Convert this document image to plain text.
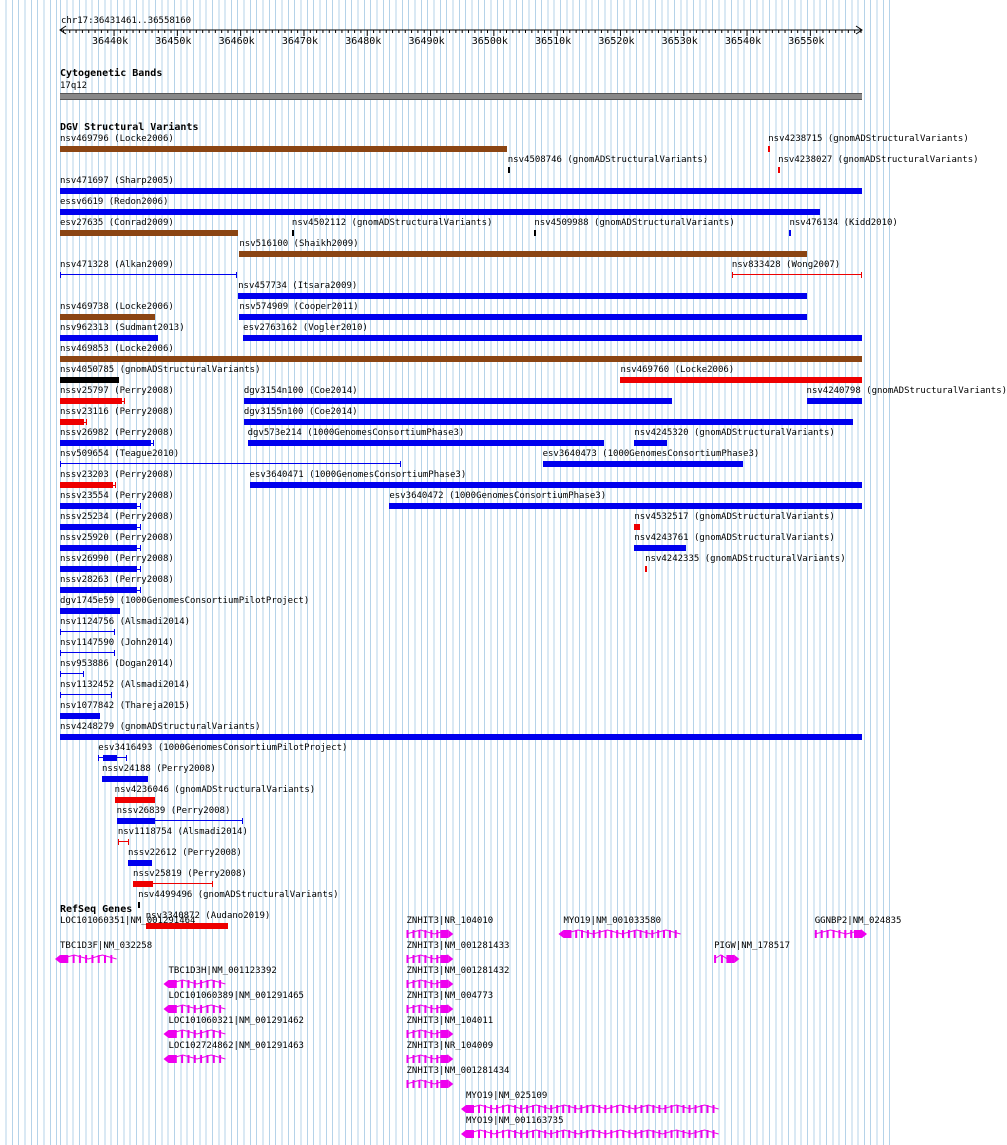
chr17:36431461..36558160
36440k	36450k	36460k	36470k	36480k	36490k	36500k	36510k	36520k	36530k	36540k	36550k
Cytogenetic Bands
17q12
DGV Structural Variants
nsv469796 (Locke2006)
nsv4508746 (gnomADStructuralVariants)
nsv4238715 (gnomADStructuralVariants)
nsv471697 (Sharp2005)
essv6619 (Redon2006)
esv27635 (Conrad2009)
nsv516100 (Shaikh2009)
nsv471328 (Alkan2009)
nsv457734 (Itsara2009)
nsv469738 (Locke2006)	nsv574909 (Cooper2011)
nsv962313 (Sudmant2013)	esv2763162 (Vogler2010)
nsv469853 (Locke2006)
nsv4050785 (gnomADStructuralVariants)
nsv4502112 (gnomADStructuralVariants)	nsv4509988 (gnomADStructuralVariants)
nsv4238027 (gnomADStructuralVariants)
nssv25797 (Perry2008)	dgv3154n100 (Coe2014)
nsv833428 (Wong2007)
nssv23116 (Perry2008)	dgv3155n100 (Coe2014)
nssv26982 (Perry2008)	dgv573e214 (1000GenomesConsortiumPhase3)
nsv469760 (Locke2006)
nsv509654 (Teague2010)	esv3640473 (1000GenomesConsortiumPhase3)
nsv476134 (Kidd2010)
nssv23203 (Perry2008)	esv3640471 (1000GenomesConsortiumPhase3)
nssv23554 (Perry2008)	esv3640472 (1000GenomesConsortiumPhase3)
nssv25234 (Perry2008)
nsv4245320 (gnomADStructuralVariants)
nssv25920 (Perry2008)
nsv4532517 (gnomADStructuralVariants)
nssv26990 (Perry2008)
nsv4243761 (gnomADStructuralVariants)
nssv28263 (Perry2008)
nsv4242335 (gnomADStructuralVariants)
dgv1745e59 (1000GenomesConsortiumPilotProject)
nsv4240798 (gnomADStructuralVariants)
nsv1124756 (Alsmadi2014)
nsv1147590 (John2014)
nsv953886 (Dogan2014)
nsv1132452 (Alsmadi2014)
nsv1077842 (Thareja2015)
nsv4248279 (gnomADStructuralVariants)
esv3416493 (1000GenomesConsortiumPilotProject)
nssv24188 (Perry2008)
nsv4236046 (gnomADStructuralVariants)
nssv26839 (Perry2008)
nsv1118754 (Alsmadi2014)
nssv22612 (Perry2008)
nssv25819 (Perry2008)
nsv4499496 (gnomADStructuralVariants)
nsv3340872 (Audano2019)
RefSeq Genes
LOC101060351|NM_001291464
TBC1D3F|NM_032258
TBC1D3H|NM_001123392
LOC101060389|NM_001291465
LOC101060321|NM_001291462
LOC102724862|NM_001291463
ZNHIT3|NR_104010
ZNHIT3|NM_001281433
ZNHIT3|NM_001281432
ZNHIT3|NM_004773
ZNHIT3|NM_104011
ZNHIT3|NR_104009
ZNHIT3|NM_001281434
MYO19|NM_001033580	GGNBP2|NM_024835
PIGW|NM_178517
MYO19|NM_025109
MYO19|NM_001163735
